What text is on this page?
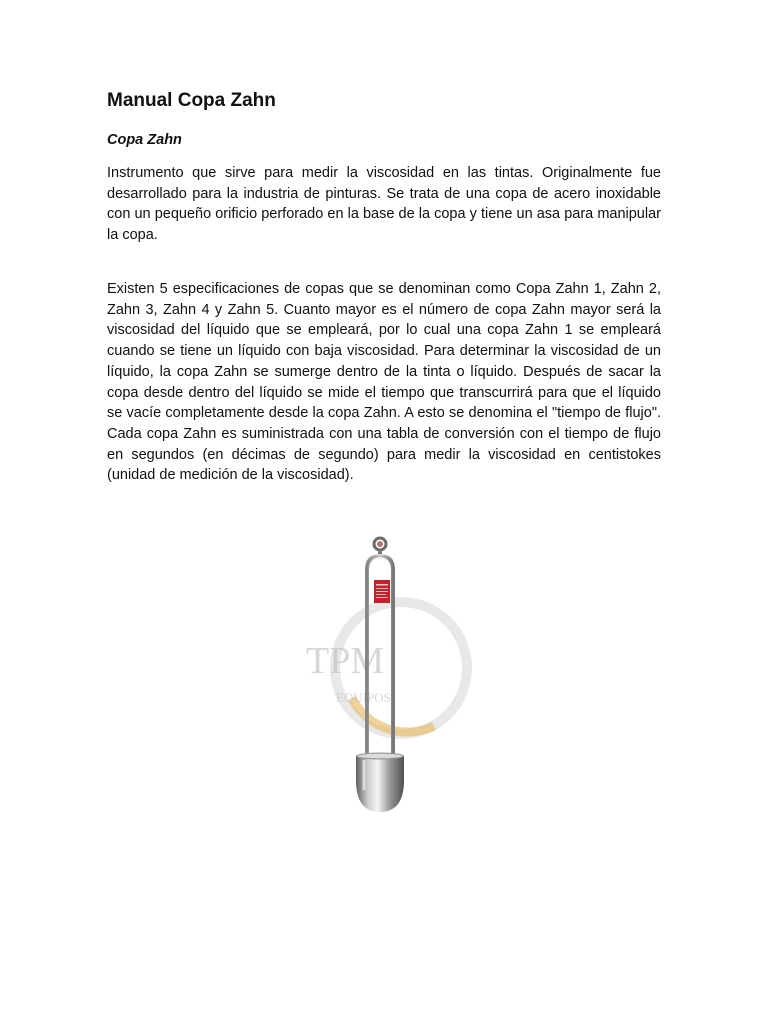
Manual Copa Zahn
Copa Zahn

Instrumento que sirve para medir la viscosidad en las tintas. Originalmente fue desarrollado para la industria de pinturas. Se trata de una copa de acero inoxidable con un pequeño orificio perforado en la base de la copa y tiene un asa para manipular la copa.

Existen 5 especificaciones de copas que se denominan como Copa Zahn 1, Zahn 2, Zahn 3, Zahn 4 y Zahn 5. Cuanto mayor es el número de copa Zahn mayor será la viscosidad del líquido que se empleará, por lo cual una copa Zahn 1 se empleará cuando se tiene un líquido con baja viscosidad. Para determinar la viscosidad de un líquido, la copa Zahn se sumerge dentro de la tinta o líquido. Después de sacar la copa desde dentro del líquido se mide el tiempo que transcurrirá para que el líquido se vacíe completamente desde la copa Zahn. A esto se denomina el "tiempo de flujo". Cada copa Zahn es suministrada con una tabla de conversión con el tiempo de flujo en segundos (en décimas de segundo) para medir la viscosidad en centistokes (unidad de medición de la viscosidad).

TPM
EQUIPOS
